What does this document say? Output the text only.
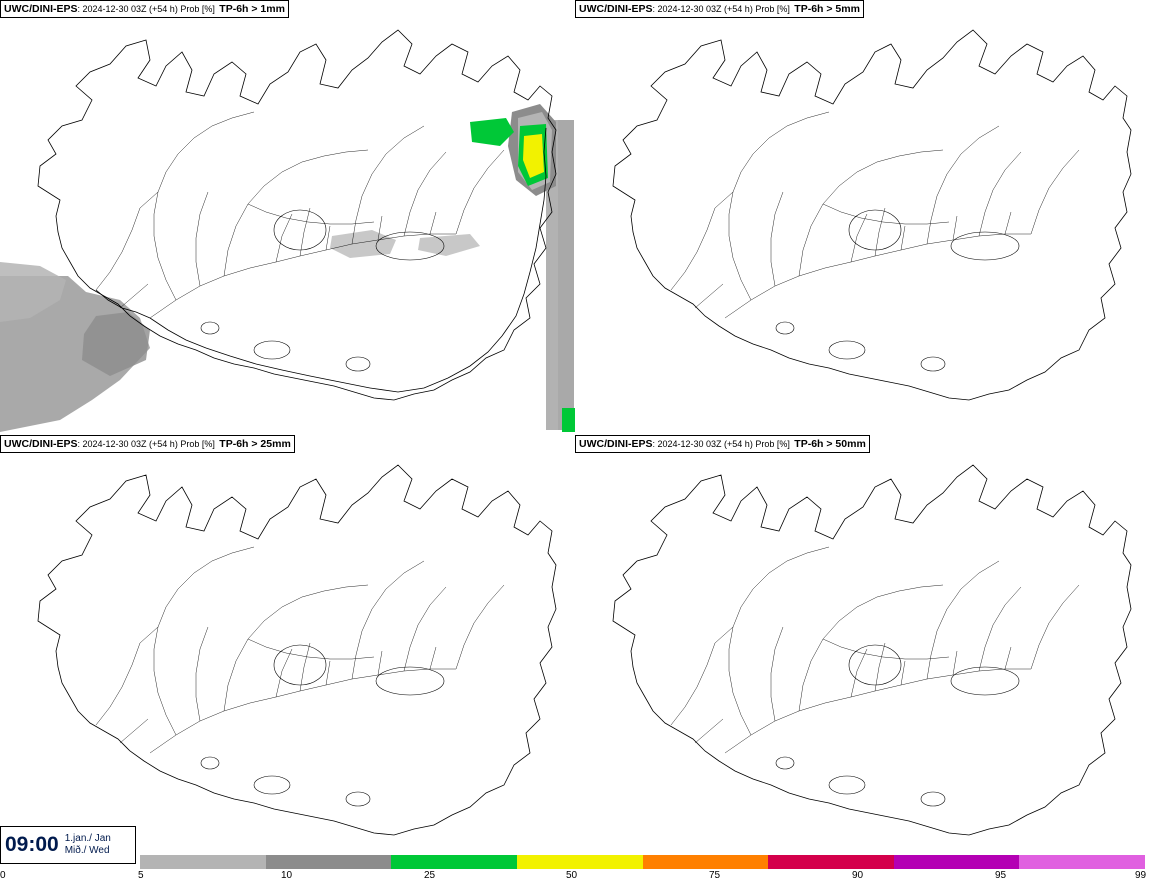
UWC/DINI-EPS: 2024-12-30 03Z (+54 h) Prob [%] TP-6h > 1mm	UWC/DINI-EPS: 2024-12-30 03Z (+54 h) Prob [%] TP-6h > 5mm
UWC/DINI-EPS: 2024-12-30 03Z (+54 h) Prob [%] TP-6h > 25mm	UWC/DINI-EPS: 2024-12-30 03Z (+54 h) Prob [%] TP-6h > 50mm
09:00 1.jan./ Jan
Mið./ Wed
0	5	10	25	50	75	90	95	99
